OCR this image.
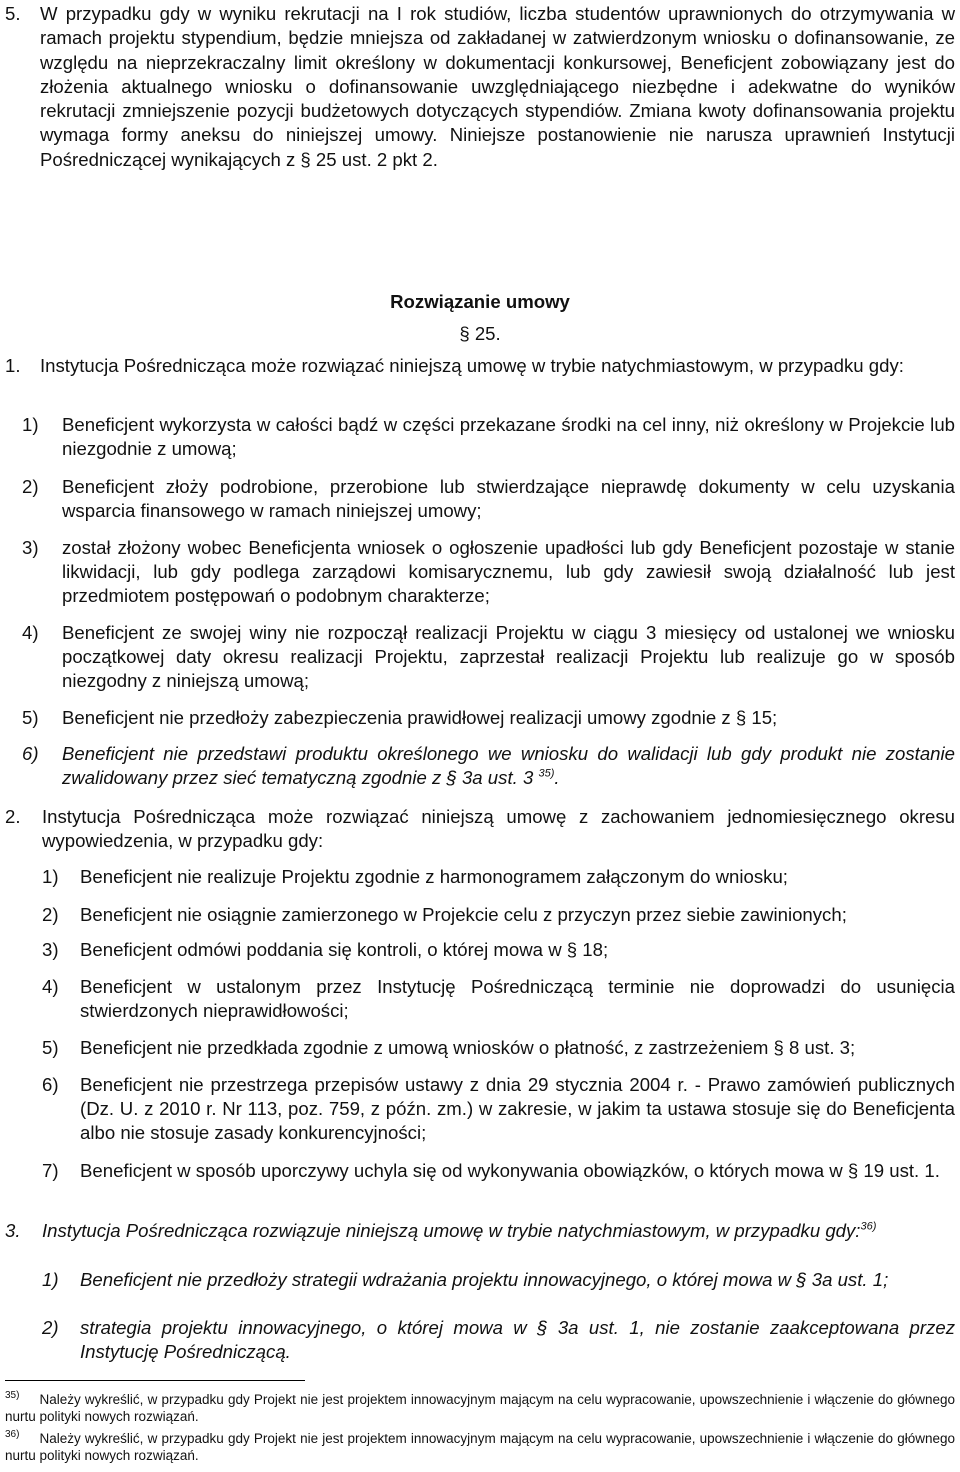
5. W przypadku gdy w wyniku rekrutacji na I rok studiów, liczba studentów uprawnionych do otrzymywania w ramach projektu stypendium, będzie mniejsza od zakładanej w zatwierdzonym wniosku o dofinansowanie, ze względu na nieprzekraczalny limit określony w dokumentacji konkursowej, Beneficjent zobowiązany jest do złożenia aktualnego wniosku o dofinansowanie uwzględniającego niezbędne i adekwatne do wyników rekrutacji zmniejszenie pozycji budżetowych dotyczących stypendiów. Zmiana kwoty dofinansowania projektu wymaga formy aneksu do niniejszej umowy. Niniejsze postanowienie nie narusza uprawnień Instytucji Pośredniczącej wynikających z § 25 ust. 2 pkt 2.

Rozwiązanie umowy
§ 25.
1.	Instytucja Pośrednicząca może rozwiązać niniejszą umowę w trybie natychmiastowym, w przypadku gdy:

1) Beneficjent wykorzysta w całości bądź w części przekazane środki na cel inny, niż określony w Projekcie lub niezgodnie z umową;

2) Beneficjent złoży podrobione, przerobione lub stwierdzające nieprawdę dokumenty w celu uzyskania wsparcia finansowego w ramach niniejszej umowy;

3) został złożony wobec Beneficjenta wniosek o ogłoszenie upadłości lub gdy Beneficjent pozostaje w stanie likwidacji, lub gdy podlega zarządowi komisarycznemu, lub gdy zawiesił swoją działalność lub jest przedmiotem postępowań o podobnym charakterze;

4) Beneficjent ze swojej winy nie rozpoczął realizacji Projektu w ciągu 3 miesięcy od ustalonej we wniosku początkowej daty okresu realizacji Projektu, zaprzestał realizacji Projektu lub realizuje go w sposób niezgodny z niniejszą umową;

5) Beneficjent nie przedłoży zabezpieczenia prawidłowej realizacji umowy zgodnie z § 15;

6) Beneficjent nie przedstawi produktu określonego we wniosku do walidacji lub gdy produkt nie zostanie zwalidowany przez sieć tematyczną zgodnie z § 3a ust. 3 $^{35)}$.

2. Instytucja Pośrednicząca może rozwiązać niniejszą umowę z zachowaniem jednomiesięcznego okresu wypowiedzenia, w przypadku gdy:

1) Beneficjent nie realizuje Projektu zgodnie z harmonogramem załączonym do wniosku;

2) Beneficjent nie osiągnie zamierzonego w Projekcie celu z przyczyn przez siebie zawinionych;

3) Beneficjent odmówi poddania się kontroli, o której mowa w § 18;

4) Beneficjent w ustalonym przez Instytucję Pośredniczącą terminie nie doprowadzi do usunięcia stwierdzonych nieprawidłowości;

5) Beneficjent nie przedkłada zgodnie z umową wniosków o płatność, z zastrzeżeniem § 8 ust. 3;

6) Beneficjent nie przestrzega przepisów ustawy z dnia 29 stycznia 2004 r. - Prawo zamówień publicznych (Dz. U. z 2010 r. Nr 113, poz. 759, z późn. zm.) w zakresie, w jakim ta ustawa stosuje się do Beneficjenta albo nie stosuje zasady konkurencyjności;

7) Beneficjent w sposób uporczywy uchyla się od wykonywania obowiązków, o których mowa w § 19 ust. 1.

3. Instytucja Pośrednicząca rozwiązuje niniejszą umowę w trybie natychmiastowym, w przypadku gdy:$^{36)}$

1) Beneficjent nie przedłoży strategii wdrażania projektu innowacyjnego, o której mowa w § 3a ust. 1;

2) strategia projektu innowacyjnego, o której mowa w § 3a ust. 1, nie zostanie zaakceptowana przez Instytucję Pośredniczącą.

$^{35)}$ Należy wykreślić, w przypadku gdy Projekt nie jest projektem innowacyjnym mającym na celu wypracowanie, upowszechnienie i włączenie do głównego nurtu polityki nowych rozwiązań.

$^{36)}$ Należy wykreślić, w przypadku gdy Projekt nie jest projektem innowacyjnym mającym na celu wypracowanie, upowszechnienie i włączenie do głównego nurtu polityki nowych rozwiązań.
